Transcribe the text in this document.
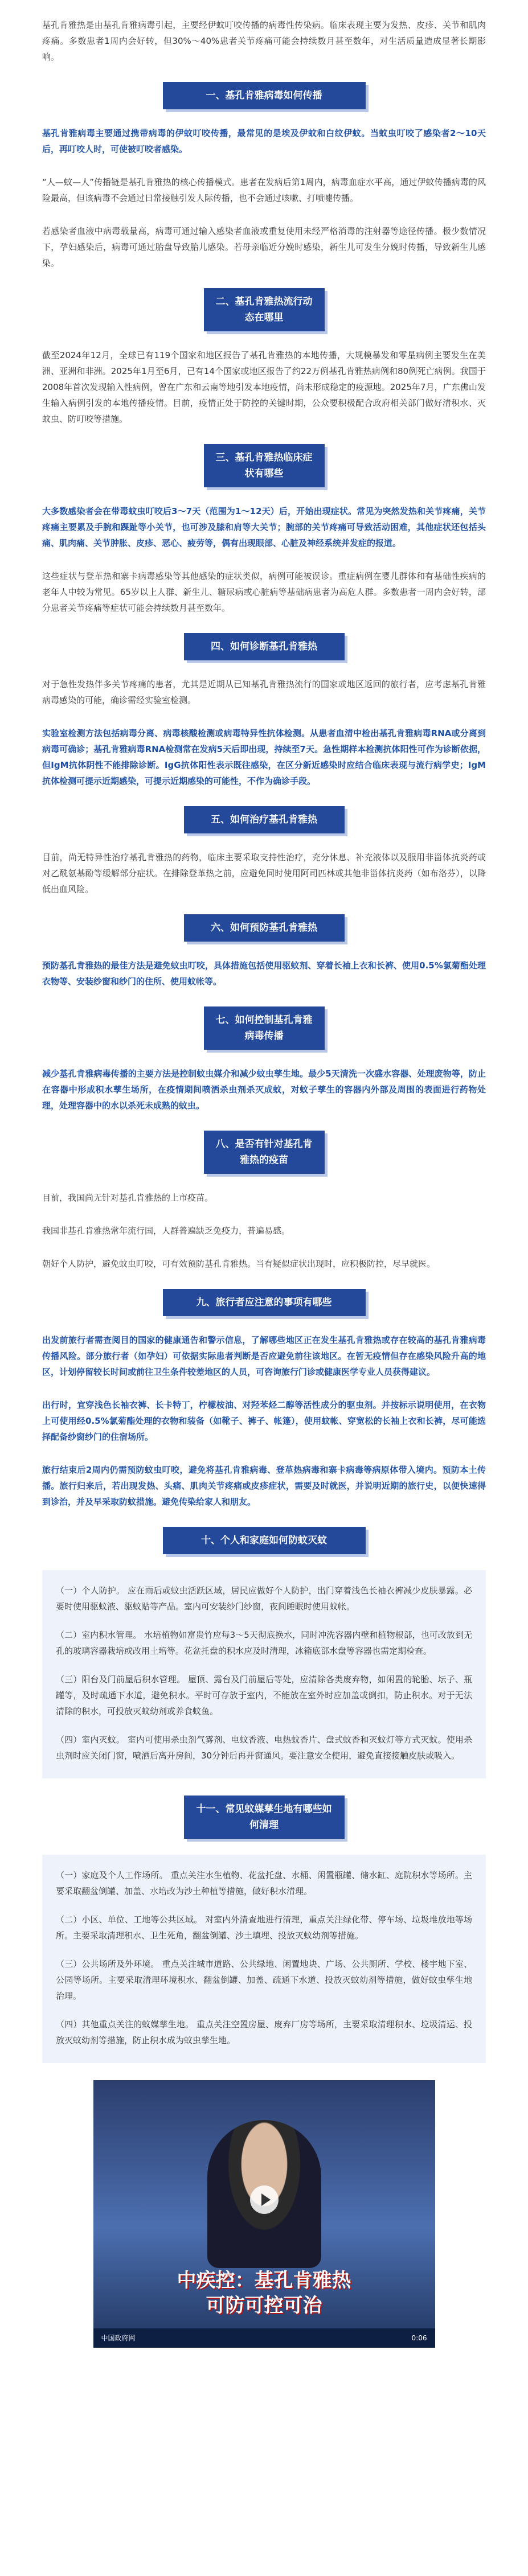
基孔肯雅热是由基孔肯雅病毒引起，主要经伊蚊叮咬传播的病毒性传染病。临床表现主要为发热、皮疹、关节和肌肉疼痛。多数患者1周内会好转，但30%～40%患者关节疼痛可能会持续数月甚至数年，对生活质量造成显著长期影响。

一、基孔肯雅病毒如何传播

基孔肯雅病毒主要通过携带病毒的伊蚊叮咬传播，最常见的是埃及伊蚊和白纹伊蚊。当蚊虫叮咬了感染者2～10天后，再叮咬人时，可使被叮咬者感染。

“人—蚊—人”传播链是基孔肯雅热的核心传播模式。患者在发病后第1周内，病毒血症水平高，通过伊蚊传播病毒的风险最高，但该病毒不会通过日常接触引发人际传播，也不会通过咳嗽、打喷嚏传播。

若感染者血液中病毒载量高，病毒可通过输入感染者血液或重复使用未经严格消毒的注射器等途径传播。极少数情况下，孕妇感染后，病毒可通过胎盘导致胎儿感染。若母亲临近分娩时感染，新生儿可发生分娩时传播，导致新生儿感染。

二、基孔肯雅热流行动态在哪里

截至2024年12月，全球已有119个国家和地区报告了基孔肯雅热的本地传播，大规模暴发和零星病例主要发生在美洲、亚洲和非洲。2025年1月至6月，已有14个国家或地区报告了约22万例基孔肯雅热病例和80例死亡病例。我国于2008年首次发现输入性病例，曾在广东和云南等地引发本地疫情，尚未形成稳定的疫源地。2025年7月，广东佛山发生输入病例引发的本地传播疫情。目前，疫情正处于防控的关键时期，公众要积极配合政府相关部门做好清积水、灭蚊虫、防叮咬等措施。

三、基孔肯雅热临床症状有哪些

大多数感染者会在带毒蚊虫叮咬后3～7天（范围为1～12天）后，开始出现症状。常见为突然发热和关节疼痛，关节疼痛主要累及手腕和踝趾等小关节，也可涉及膝和肩等大关节；腕部的关节疼痛可导致活动困难，其他症状还包括头痛、肌肉痛、关节肿胀、皮疹、恶心、疲劳等，偶有出现眼部、心脏及神经系统并发症的报道。

这些症状与登革热和寨卡病毒感染等其他感染的症状类似，病例可能被误诊。重症病例在婴儿群体和有基础性疾病的老年人中较为常见。65岁以上人群、新生儿、糖尿病或心脏病等基础病患者为高危人群。多数患者一周内会好转，部分患者关节疼痛等症状可能会持续数月甚至数年。

四、如何诊断基孔肯雅热

对于急性发热伴多关节疼痛的患者，尤其是近期从已知基孔肯雅热流行的国家或地区返回的旅行者，应考虑基孔肯雅病毒感染的可能，确诊需经实验室检测。

实验室检测方法包括病毒分离、病毒核酸检测或病毒特异性抗体检测。从患者血清中检出基孔肯雅病毒RNA或分离到病毒可确诊；基孔肯雅病毒RNA检测常在发病5天后即出现，持续至7天。急性期样本检测抗体阳性可作为诊断依据，但IgM抗体阴性不能排除诊断。IgG抗体阳性表示既往感染，在区分新近感染时应结合临床表现与流行病学史；IgM抗体检测可提示近期感染，可提示近期感染的可能性，不作为确诊手段。

五、如何治疗基孔肯雅热

目前，尚无特异性治疗基孔肯雅热的药物，临床主要采取支持性治疗，充分休息、补充液体以及服用非甾体抗炎药或对乙酰氨基酚等缓解部分症状。在排除登革热之前，应避免同时使用阿司匹林或其他非甾体抗炎药（如布洛芬），以降低出血风险。

六、如何预防基孔肯雅热

预防基孔肯雅热的最佳方法是避免蚊虫叮咬，具体措施包括使用驱蚊剂、穿着长袖上衣和长裤、使用0.5%氯菊酯处理衣物等、安装纱窗和纱门的住所、使用蚊帐等。

七、如何控制基孔肯雅病毒传播

减少基孔肯雅病毒传播的主要方法是控制蚊虫媒介和减少蚊虫孳生地。最少5天清洗一次盛水容器、处理废物等，防止在容器中形成积水孳生场所，在疫情期间喷洒杀虫剂杀灭成蚊，对蚊子孳生的容器内外部及周围的表面进行药物处理，处理容器中的水以杀死未成熟的蚊虫。

八、是否有针对基孔肯雅热的疫苗

目前，我国尚无针对基孔肯雅热的上市疫苗。

我国非基孔肯雅热常年流行国，人群普遍缺乏免疫力，普遍易感。

朝好个人防护，避免蚊虫叮咬，可有效预防基孔肯雅热。当有疑似症状出现时，应积极防控，尽早就医。

九、旅行者应注意的事项有哪些

出发前旅行者需查阅目的国家的健康通告和警示信息，了解哪些地区正在发生基孔肯雅热或存在较高的基孔肯雅病毒传播风险。部分旅行者（如孕妇）可依据实际患者判断是否应避免前往该地区。在暂无疫情但存在感染风险升高的地区，计划停留较长时间或前往卫生条件较差地区的人员，可咨询旅行门诊或健康医学专业人员获得建议。

出行时，宜穿浅色长袖衣裤、长卡特丁，柠檬桉油、对羟苯烃二醇等活性成分的驱虫剂。并按标示说明使用，在衣物上可使用经0.5%氯菊酯处理的衣物和装备（如靴子、裤子、帐篷），使用蚊帐、穿宽松的长袖上衣和长裤，尽可能选择配备纱窗纱门的住宿场所。

旅行结束后2周内仍需预防蚊虫叮咬，避免将基孔肯雅病毒、登革热病毒和寨卡病毒等病原体带入境内。预防本土传播。旅行归来后，若出现发热、头痛、肌肉关节疼痛或皮疹症状，需要及时就医，并说明近期的旅行史，以便快速得到诊治，并及早采取防蚊措施。避免传染给家人和朋友。

十、个人和家庭如何防蚊灭蚊

（一）个人防护。 应在雨后或蚊虫活跃区域，居民应做好个人防护，出门穿着浅色长袖衣裤减少皮肤暴露。必要时使用驱蚊液、驱蚊贴等产品。室内可安装纱门纱窗，夜间睡眠时使用蚊帐。

（二）室内积水管理。 水培植物如富贵竹应每3～5天彻底换水，同时冲洗容器内壁和植物根部，也可改放到无孔的玻璃容器栽培或改用土培等。花盆托盘的积水应及时清理，冰箱底部水盘等容器也需定期检查。

（三）阳台及门前屋后积水管理。 屋顶、露台及门前屋后等处，应清除各类废弃物，如闲置的轮胎、坛子、瓶罐等，及时疏通下水道，避免积水。平时可存放于室内，不能放在室外时应加盖或倒扣，防止积水。对于无法清除的积水，可投放灭蚊幼剂或养食蚊鱼。

（四）室内灭蚊。 室内可使用杀虫剂气雾剂、电蚊香液、电热蚊香片、盘式蚊香和灭蚊灯等方式灭蚊。使用杀虫剂时应关闭门窗，喷洒后离开房间，30分钟后再开窗通风。要注意安全使用，避免直接接触皮肤或吸入。

十一、常见蚊媒孳生地有哪些如何清理

（一）家庭及个人工作场所。 重点关注水生植物、花盆托盘、水桶、闲置瓶罐、储水缸、庭院积水等场所。主要采取翻盆倒罐、加盖、水培改为沙土种植等措施，做好积水清理。

（二）小区、单位、工地等公共区域。 对室内外清查地进行清理，重点关注绿化带、停车场、垃圾堆放地等场所。主要采取清理积水、卫生死角，翻盆倒罐、沙土填埋、投放灭蚊幼剂等措施。

（三）公共场所及外环境。 重点关注城市道路、公共绿地、闲置地块、广场、公共厕所、学校、楼宇地下室、公园等场所。主要采取清理环境积水、翻盆倒罐、加盖、疏通下水道、投放灭蚊幼剂等措施，做好蚊虫孳生地治理。

（四）其他重点关注的蚊媒孳生地。 重点关注空置房屋、废弃厂房等场所，主要采取清理积水、垃圾清运、投放灭蚊幼剂等措施，防止积水成为蚊虫孳生地。

中疾控：基孔肯雅热
可防可控可治
中国政府网	0:06
